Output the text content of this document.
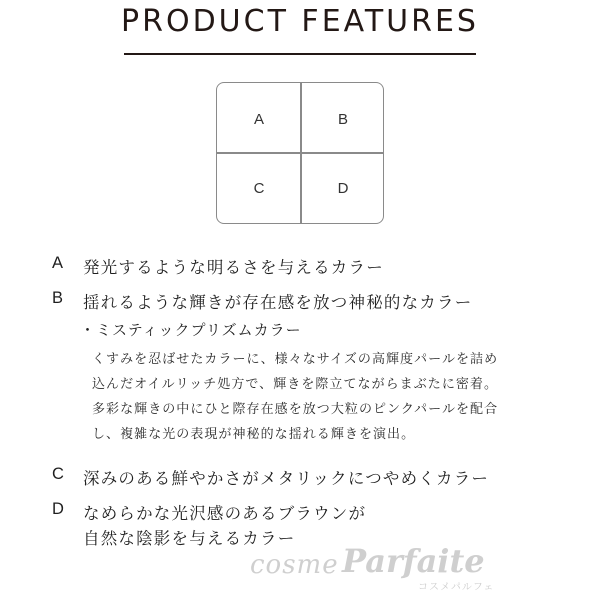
PRODUCT FEATURES
A	B
C	D
A 発光するような明るさを与えるカラー
B 揺れるような輝きが存在感を放つ神秘的なカラー
・ミスティックプリズムカラー
くすみを忍ばせたカラーに、様々なサイズの高輝度パールを詰め
込んだオイルリッチ処方で、輝きを際立てながらまぶたに密着。
多彩な輝きの中にひと際存在感を放つ大粒のピンクパールを配合
し、複雑な光の表現が神秘的な揺れる輝きを演出。
C 深みのある鮮やかさがメタリックにつやめくカラー
D なめらかな光沢感のあるブラウンが
自然な陰影を与えるカラー
cosme Parfaite
コスメパルフェ
